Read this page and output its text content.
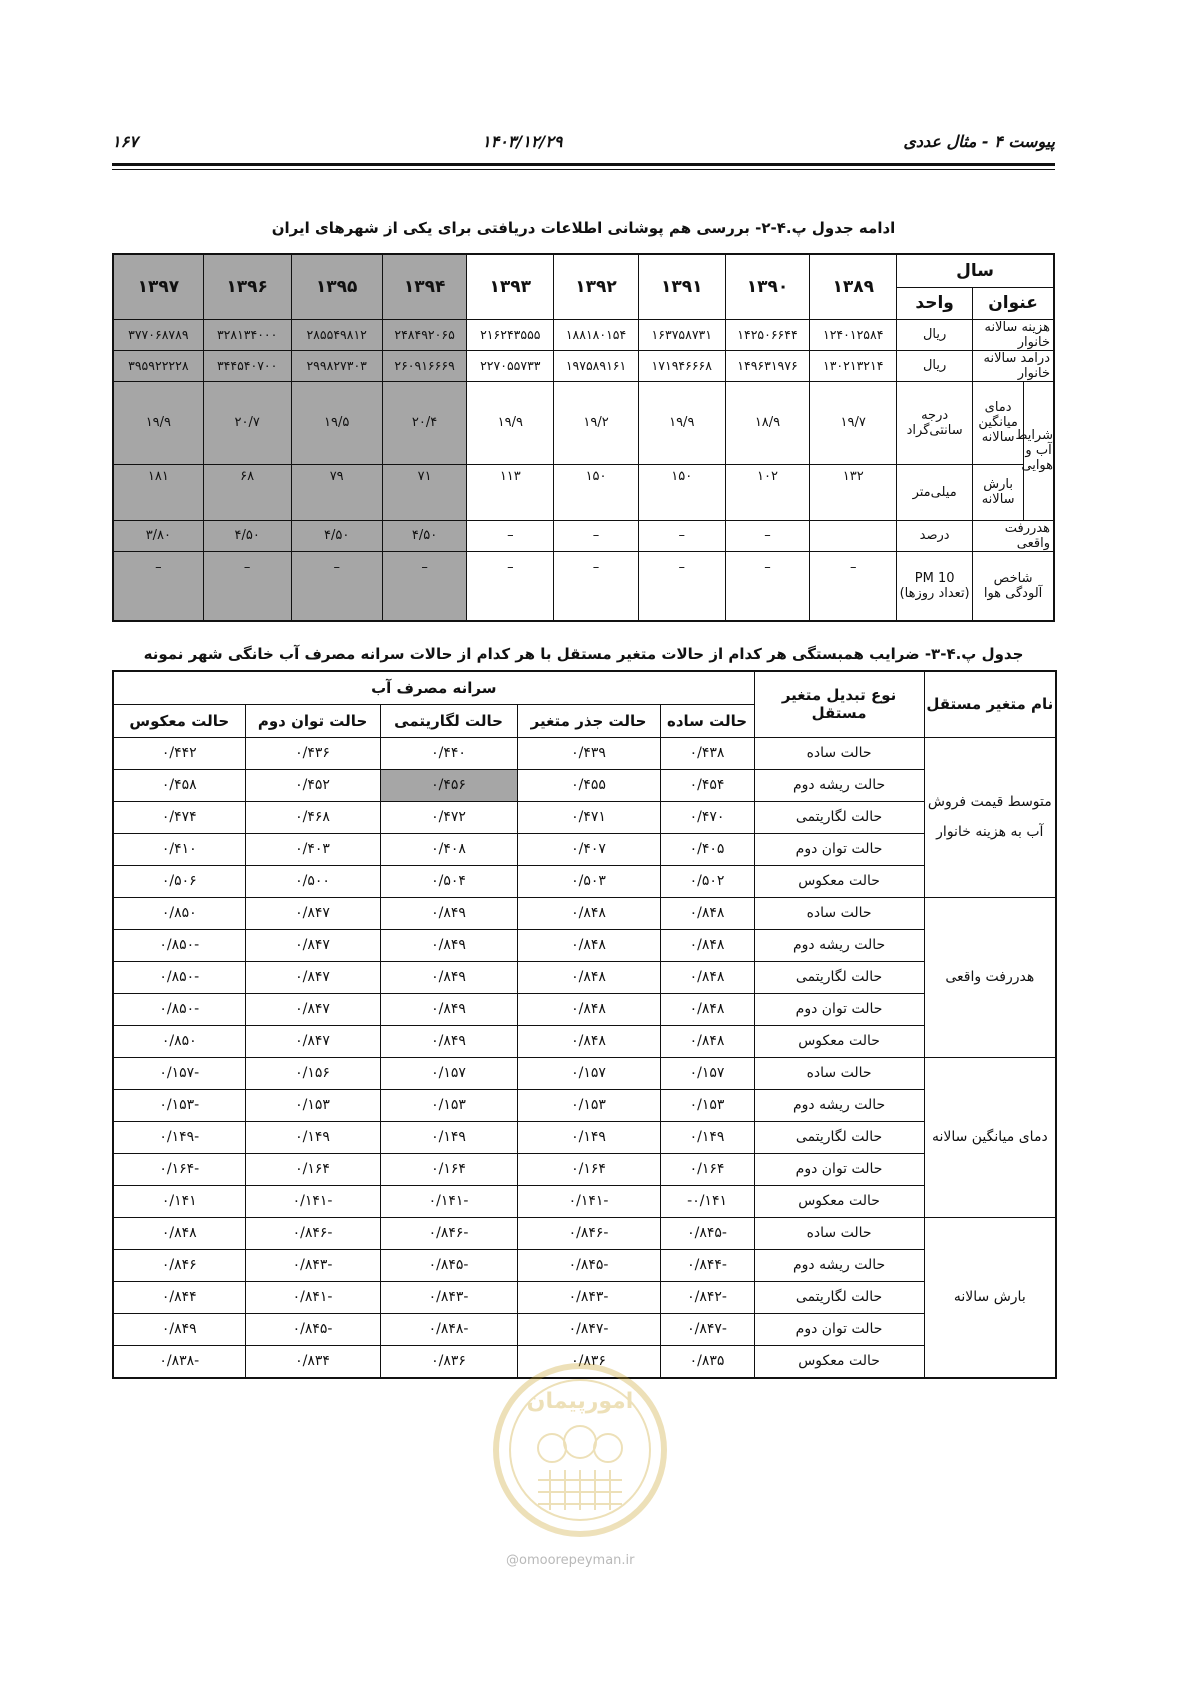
پیوست ۴ - مثال عددی
۱۴۰۳/۱۲/۲۹
۱۶۷
ادامه جدول پ.۴-۲- بررسی هم پوشانی اطلاعات دریافتی برای یکی از شهرهای ایران
سال			۱۳۸۹	۱۳۹۰	۱۳۹۱	۱۳۹۲	۱۳۹۳	۱۳۹۴	۱۳۹۵	۱۳۹۶	۱۳۹۷
عنوان		واحد									
هزینه سالانه خانوار		ریال	۱۲۴۰۱۲۵۸۴	۱۴۲۵۰۶۶۴۴	۱۶۳۷۵۸۷۳۱	۱۸۸۱۸۰۱۵۴	۲۱۶۲۴۳۵۵۵	۲۴۸۴۹۲۰۶۵	۲۸۵۵۴۹۸۱۲	۳۲۸۱۳۴۰۰۰	۳۷۷۰۶۸۷۸۹
درامد سالانه خانوار		ریال	۱۳۰۲۱۳۲۱۴	۱۴۹۶۳۱۹۷۶	۱۷۱۹۴۶۶۶۸	۱۹۷۵۸۹۱۶۱	۲۲۷۰۵۵۷۳۳	۲۶۰۹۱۶۶۶۹	۲۹۹۸۲۷۳۰۳	۳۴۴۵۴۰۷۰۰	۳۹۵۹۲۲۲۲۸
شرایط آب و هوایی	دمای میانگین سالانه	درجه سانتی‌گراد	۱۹/۷	۱۸/۹	۱۹/۹	۱۹/۲	۱۹/۹	۲۰/۴	۱۹/۵	۲۰/۷	۱۹/۹
	بارش سالانه	میلی‌متر	۱۳۲	۱۰۲	۱۵۰	۱۵۰	۱۱۳	۷۱	۷۹	۶۸	۱۸۱
هدررفت واقعی		درصد		–	–	–	–	۴/۵۰	۴/۵۰	۴/۵۰	۳/۸۰
شاخص آلودگی هوا		PM 10 (تعداد روزها)	–	–	–	–	–	–	–	–	–
جدول پ.۴-۳- ضرایب همبستگی هر کدام از حالات متغیر مستقل با هر کدام از حالات سرانه مصرف آب خانگی شهر نمونه
نام متغیر مستقل	نوع تبدیل متغیر مستقل	سرانه مصرف آب				
		حالت ساده	حالت جذر متغیر	حالت لگاریتمی	حالت توان دوم	حالت معکوس
متوسط قیمت فروش آب به هزینه خانوار	حالت ساده	۰/۴۳۸	۰/۴۳۹	۰/۴۴۰	۰/۴۳۶	۰/۴۴۲
	حالت ریشه دوم	۰/۴۵۴	۰/۴۵۵	۰/۴۵۶	۰/۴۵۲	۰/۴۵۸
	حالت لگاریتمی	۰/۴۷۰	۰/۴۷۱	۰/۴۷۲	۰/۴۶۸	۰/۴۷۴
	حالت توان دوم	۰/۴۰۵	۰/۴۰۷	۰/۴۰۸	۰/۴۰۳	۰/۴۱۰
	حالت معکوس	۰/۵۰۲	۰/۵۰۳	۰/۵۰۴	۰/۵۰۰	۰/۵۰۶
هدررفت واقعی	حالت ساده	۰/۸۴۸	۰/۸۴۸	۰/۸۴۹	۰/۸۴۷	۰/۸۵۰
	حالت ریشه دوم	۰/۸۴۸	۰/۸۴۸	۰/۸۴۹	۰/۸۴۷	-۰/۸۵۰
	حالت لگاریتمی	۰/۸۴۸	۰/۸۴۸	۰/۸۴۹	۰/۸۴۷	-۰/۸۵۰
	حالت توان دوم	۰/۸۴۸	۰/۸۴۸	۰/۸۴۹	۰/۸۴۷	-۰/۸۵۰
	حالت معکوس	۰/۸۴۸	۰/۸۴۸	۰/۸۴۹	۰/۸۴۷	۰/۸۵۰
دمای میانگین سالانه	حالت ساده	۰/۱۵۷	۰/۱۵۷	۰/۱۵۷	۰/۱۵۶	-۰/۱۵۷
	حالت ریشه دوم	۰/۱۵۳	۰/۱۵۳	۰/۱۵۳	۰/۱۵۳	-۰/۱۵۳
	حالت لگاریتمی	۰/۱۴۹	۰/۱۴۹	۰/۱۴۹	۰/۱۴۹	-۰/۱۴۹
	حالت توان دوم	۰/۱۶۴	۰/۱۶۴	۰/۱۶۴	۰/۱۶۴	-۰/۱۶۴
	حالت معکوس	۰/۱۴۱-	-۰/۱۴۱	-۰/۱۴۱	-۰/۱۴۱	۰/۱۴۱
بارش سالانه	حالت ساده	-۰/۸۴۵	-۰/۸۴۶	-۰/۸۴۶	-۰/۸۴۶	۰/۸۴۸
	حالت ریشه دوم	-۰/۸۴۴	-۰/۸۴۵	-۰/۸۴۵	-۰/۸۴۳	۰/۸۴۶
	حالت لگاریتمی	-۰/۸۴۲	-۰/۸۴۳	-۰/۸۴۳	-۰/۸۴۱	۰/۸۴۴
	حالت توان دوم	-۰/۸۴۷	-۰/۸۴۷	-۰/۸۴۸	-۰/۸۴۵	۰/۸۴۹
	حالت معکوس	۰/۸۳۵	۰/۸۳۶	۰/۸۳۶	۰/۸۳۴	-۰/۸۳۸
امورپیمان
@omoorepeyman.ir
